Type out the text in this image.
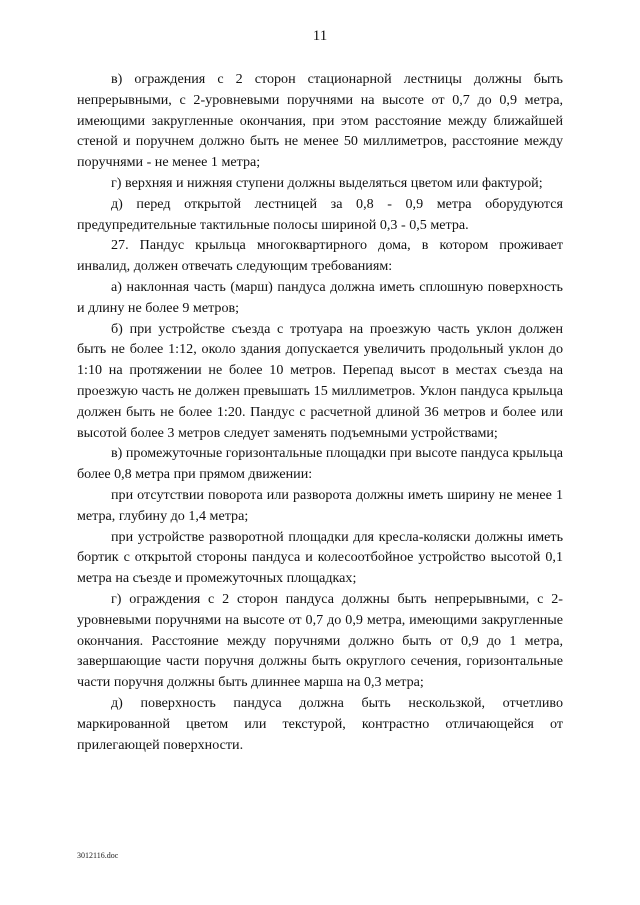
11

в) ограждения с 2 сторон стационарной лестницы должны быть непрерывными, с 2-уровневыми поручнями на высоте от 0,7 до 0,9 метра, имеющими закругленные окончания, при этом расстояние между ближайшей стеной и поручнем должно быть не менее 50 миллиметров, расстояние между поручнями - не менее 1 метра;

г) верхняя и нижняя ступени должны выделяться цветом или фактурой;

д) перед открытой лестницей за 0,8 - 0,9 метра оборудуются предупредительные тактильные полосы шириной 0,3 - 0,5 метра.

27. Пандус крыльца многоквартирного дома, в котором проживает инвалид, должен отвечать следующим требованиям:

а) наклонная часть (марш) пандуса должна иметь сплошную поверхность и длину не более 9 метров;

б) при устройстве съезда с тротуара на проезжую часть уклон должен быть не более 1:12, около здания допускается увеличить продольный уклон до 1:10 на протяжении не более 10 метров. Перепад высот в местах съезда на проезжую часть не должен превышать 15 миллиметров. Уклон пандуса крыльца должен быть не более 1:20. Пандус с расчетной длиной 36 метров и более или высотой более 3 метров следует заменять подъемными устройствами;

в) промежуточные горизонтальные площадки при высоте пандуса крыльца более 0,8 метра при прямом движении:

при отсутствии поворота или разворота должны иметь ширину не менее 1 метра, глубину до 1,4 метра;

при устройстве разворотной площадки для кресла-коляски должны иметь бортик с открытой стороны пандуса и колесоотбойное устройство высотой 0,1 метра на съезде и промежуточных площадках;

г) ограждения с 2 сторон пандуса должны быть непрерывными, с 2-уровневыми поручнями на высоте от 0,7 до 0,9 метра, имеющими закругленные окончания. Расстояние между поручнями должно быть от 0,9 до 1 метра, завершающие части поручня должны быть округлого сечения, горизонтальные части поручня должны быть длиннее марша на 0,3 метра;

д) поверхность пандуса должна быть нескользкой, отчетливо маркированной цветом или текстурой, контрастно отличающейся от прилегающей поверхности.

3012116.doc
